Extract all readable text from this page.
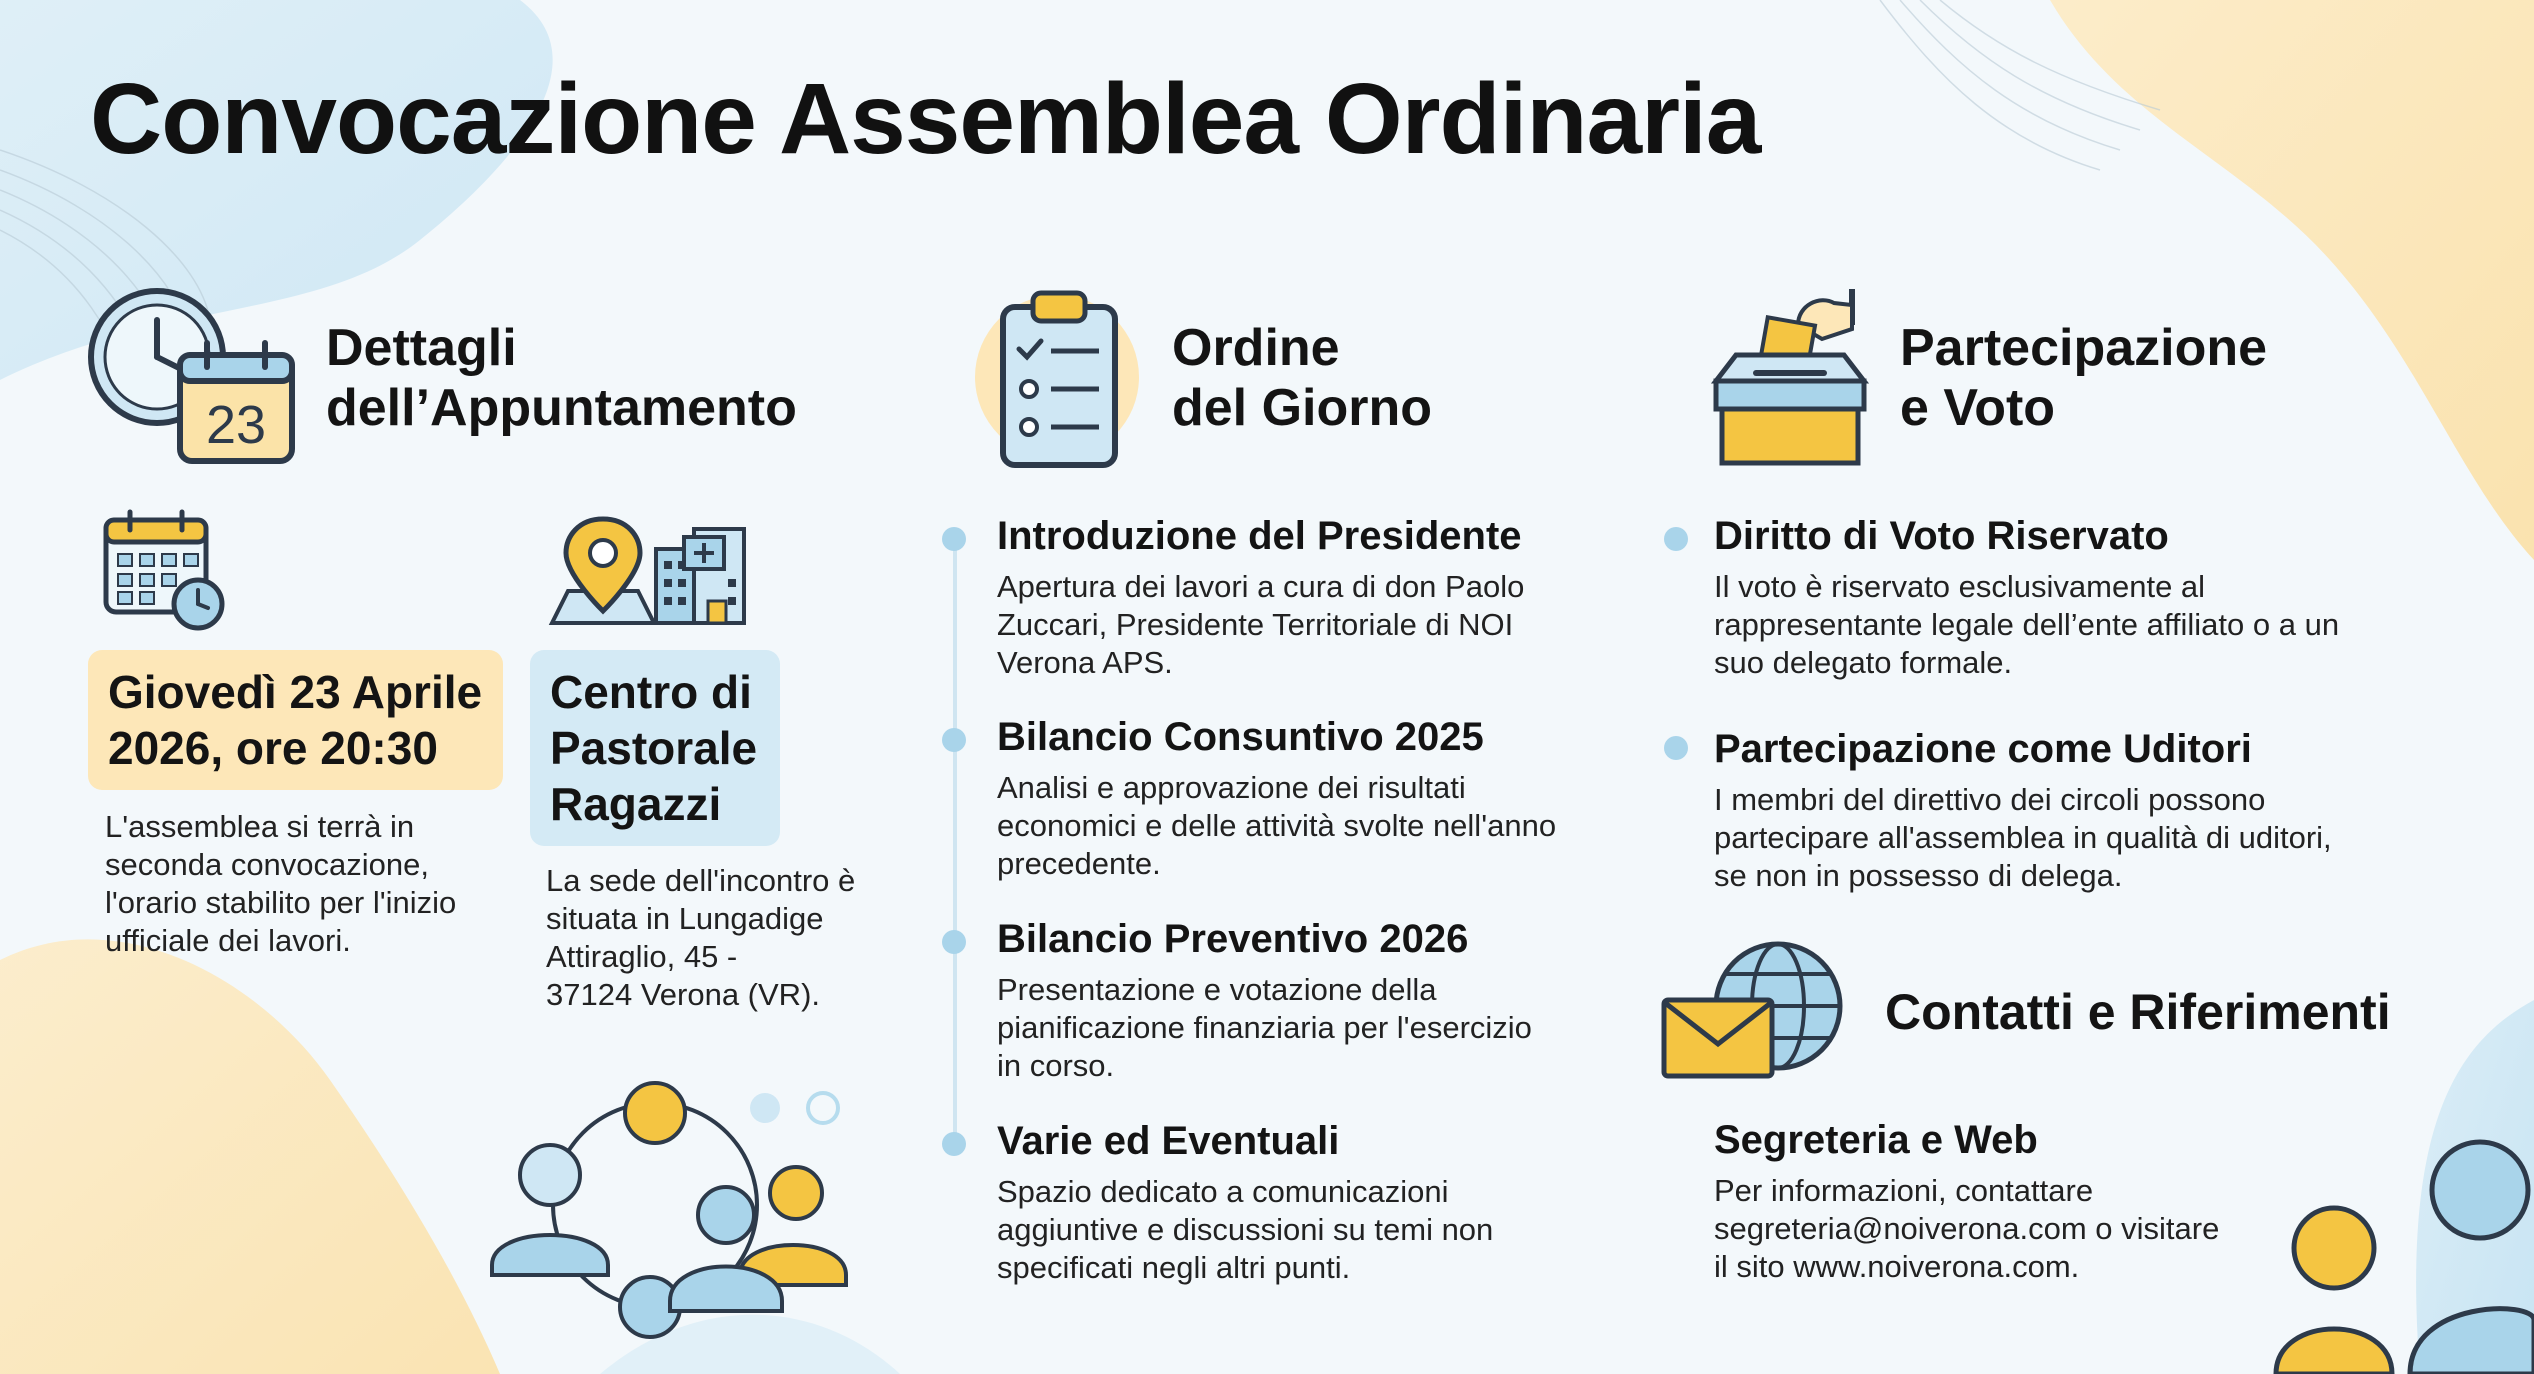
Convocazione Assemblea Ordinaria
23
Dettagli
dell’Appuntamento
Giovedì 23 Aprile
2026, ore 20:30
Centro di
Pastorale
Ragazzi
L'assemblea si terrà in
seconda convocazione,
l'orario stabilito per l'inizio
ufficiale dei lavori.
La sede dell'incontro è
situata in Lungadige
Attiraglio, 45 -
37124 Verona (VR).
Ordine
del Giorno
Introduzione del Presidente
Apertura dei lavori a cura di don Paolo
Zuccari, Presidente Territoriale di NOI
Verona APS.
Bilancio Consuntivo 2025
Analisi e approvazione dei risultati
economici e delle attività svolte nell'anno
precedente.
Bilancio Preventivo 2026
Presentazione e votazione della
pianificazione finanziaria per l'esercizio
in corso.
Varie ed Eventuali
Spazio dedicato a comunicazioni
aggiuntive e discussioni su temi non
specificati negli altri punti.
Partecipazione
e Voto
Diritto di Voto Riservato
Il voto è riservato esclusivamente al
rappresentante legale dell’ente affiliato o a un
suo delegato formale.
Partecipazione come Uditori
I membri del direttivo dei circoli possono
partecipare all'assemblea in qualità di uditori,
se non in possesso di delega.
Contatti e Riferimenti
Segreteria e Web
Per informazioni, contattare
segreteria@noiverona.com o visitare
il sito www.noiverona.com.
